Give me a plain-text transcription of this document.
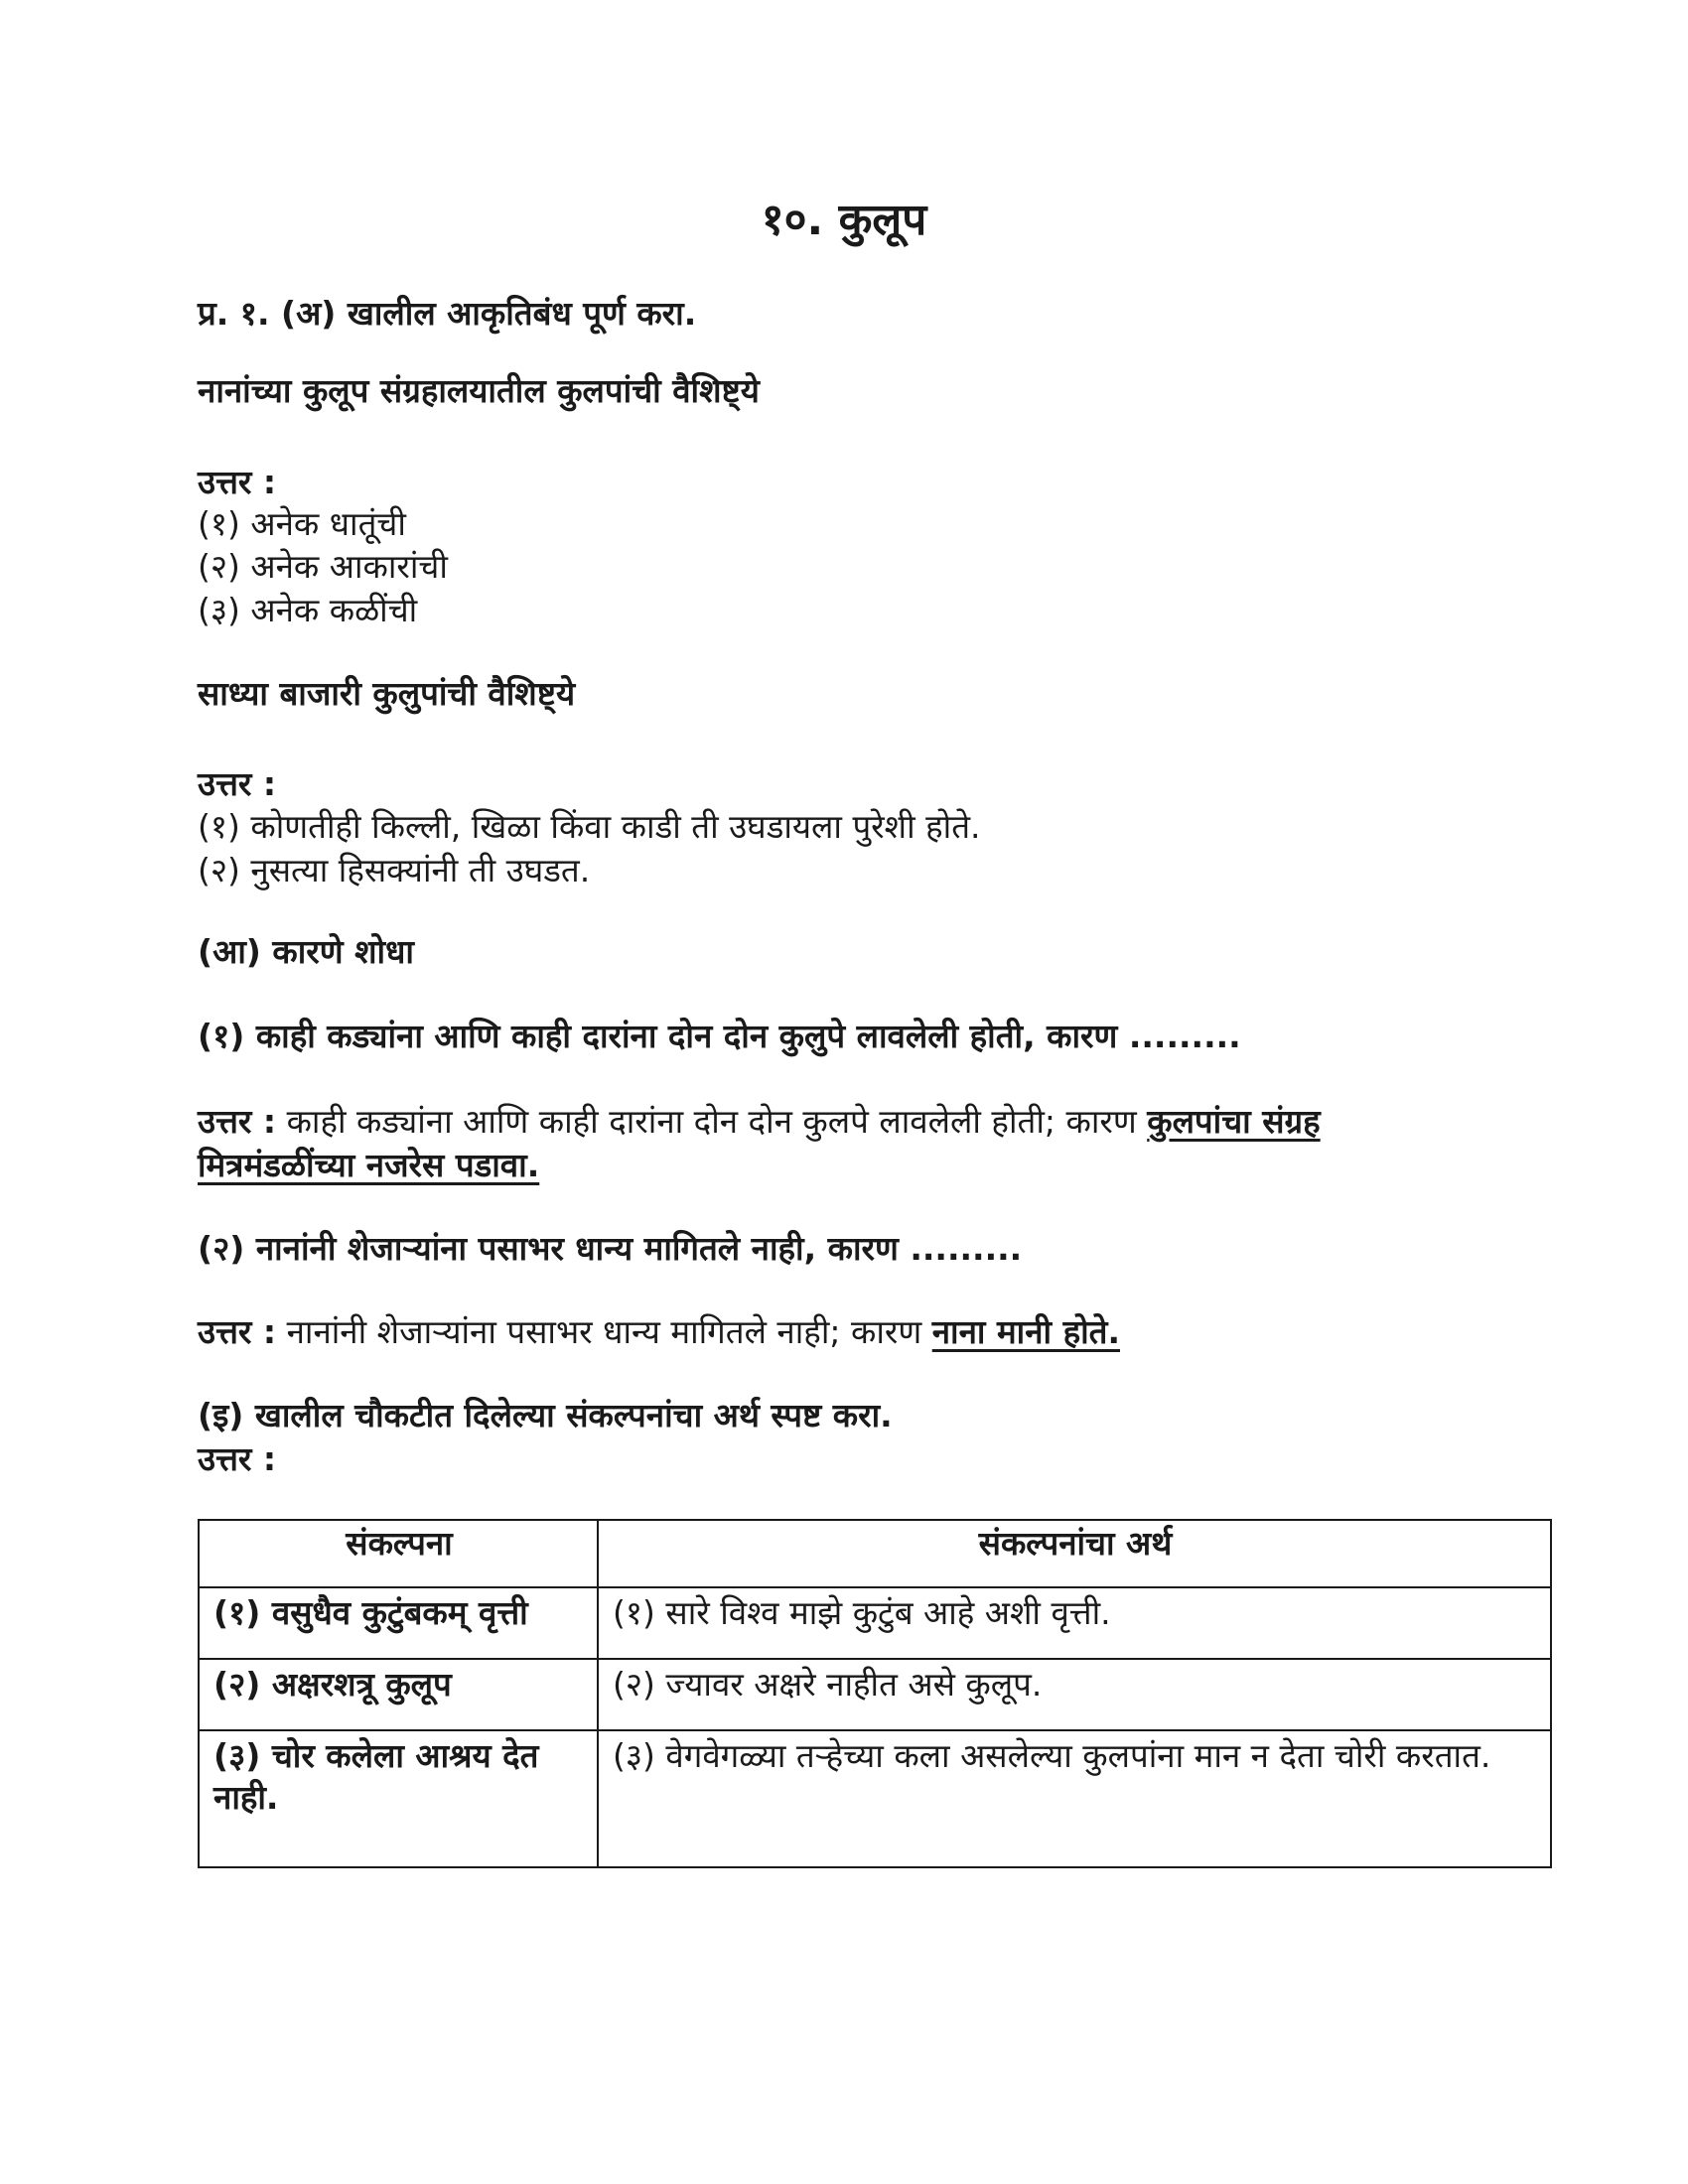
१०. कुलूप
प्र. १. (अ) खालील आकृतिबंध पूर्ण करा.
नानांच्या कुलूप संग्रहालयातील कुलपांची वैशिष्ट्ये
उत्तर :
(१) अनेक धातूंची
(२) अनेक आकारांची
(३) अनेक कळींची
साध्या बाजारी कुलुपांची वैशिष्ट्ये
उत्तर :
(१) कोणतीही किल्ली, खिळा किंवा काडी ती उघडायला पुरेशी होते.
(२) नुसत्या हिसक्यांनी ती उघडत.
(आ) कारणे शोधा
(१) काही कड्यांना आणि काही दारांना दोन दोन कुलुपे लावलेली होती, कारण .........
उत्तर : काही कड्यांना आणि काही दारांना दोन दोन कुलपे लावलेली होती; कारण कुलपांचा संग्रह
मित्रमंडळींच्या नजरेस पडावा.
(२) नानांनी शेजाऱ्यांना पसाभर धान्य मागितले नाही, कारण .........
उत्तर : नानांनी शेजाऱ्यांना पसाभर धान्य मागितले नाही; कारण नाना मानी होते.
(इ) खालील चौकटीत दिलेल्या संकल्पनांचा अर्थ स्पष्ट करा.
उत्तर :
संकल्पना	संकल्पनांचा अर्थ
(१) वसुधैव कुटुंबकम् वृत्ती	(१) सारे विश्व माझे कुटुंब आहे अशी वृत्ती.
(२) अक्षरशत्रू कुलूप	(२) ज्यावर अक्षरे नाहीत असे कुलूप.
(३) चोर कलेला आश्रय देत नाही.	(३) वेगवेगळ्या तऱ्हेच्या कला असलेल्या कुलपांना मान न देता चोरी करतात.
